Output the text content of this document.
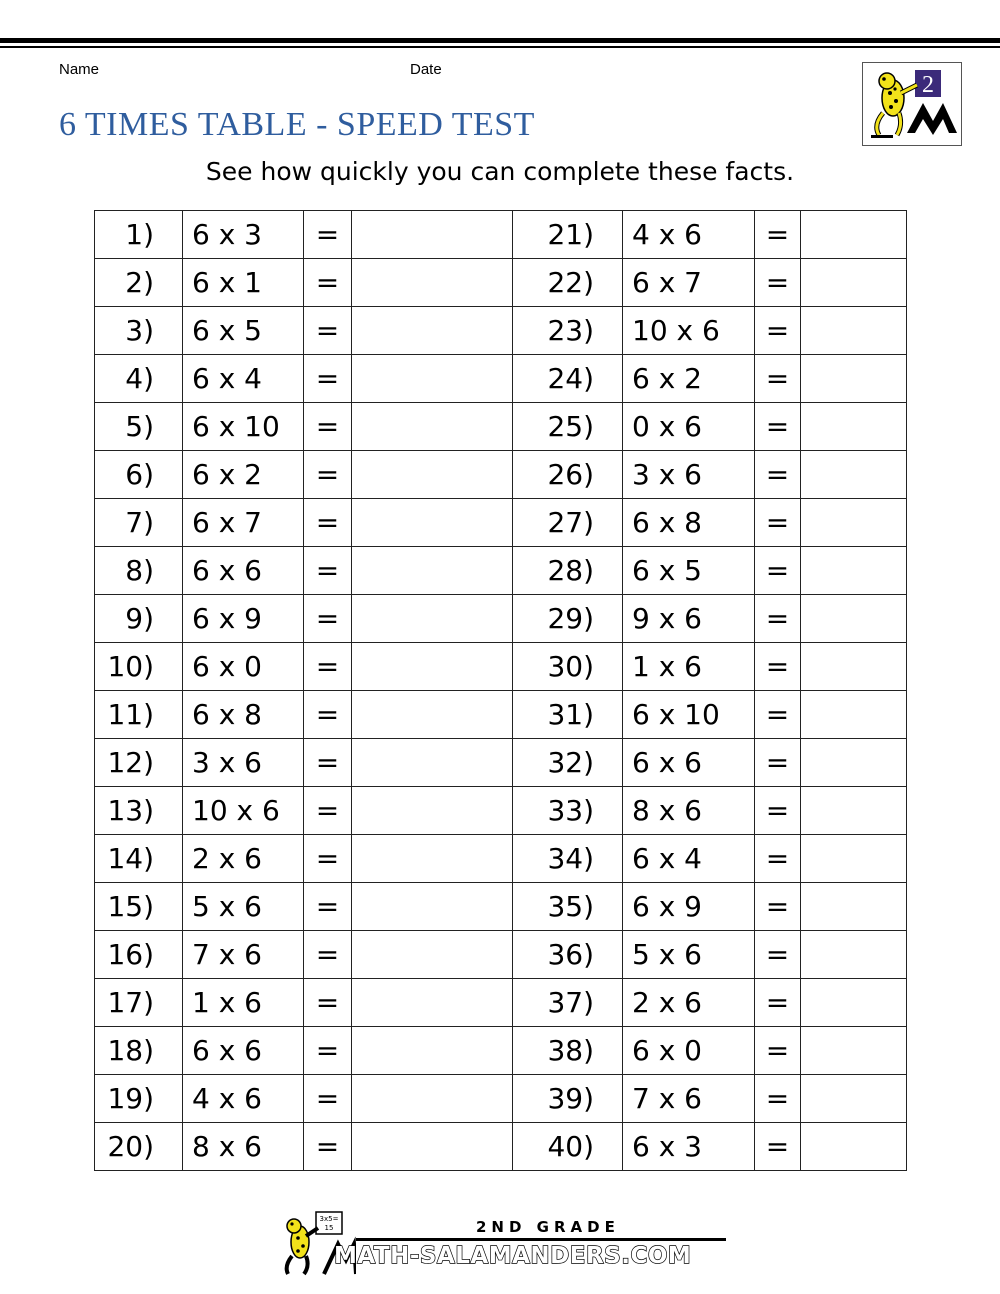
Name	Date
6 TIMES TABLE - SPEED TEST
See how quickly you can complete these facts.
2
1)	6 x 3	=		21)	4 x 6	=	
2)	6 x 1	=		22)	6 x 7	=	
3)	6 x 5	=		23)	10 x 6	=	
4)	6 x 4	=		24)	6 x 2	=	
5)	6 x 10	=		25)	0 x 6	=	
6)	6 x 2	=		26)	3 x 6	=	
7)	6 x 7	=		27)	6 x 8	=	
8)	6 x 6	=		28)	6 x 5	=	
9)	6 x 9	=		29)	9 x 6	=	
10)	6 x 0	=		30)	1 x 6	=	
11)	6 x 8	=		31)	6 x 10	=	
12)	3 x 6	=		32)	6 x 6	=	
13)	10 x 6	=		33)	8 x 6	=	
14)	2 x 6	=		34)	6 x 4	=	
15)	5 x 6	=		35)	6 x 9	=	
16)	7 x 6	=		36)	5 x 6	=	
17)	1 x 6	=		37)	2 x 6	=	
18)	6 x 6	=		38)	6 x 0	=	
19)	4 x 6	=		39)	7 x 6	=	
20)	8 x 6	=		40)	6 x 3	=	
3x5=
15	2ND GRADE
MATH-SALAMANDERS.COM
